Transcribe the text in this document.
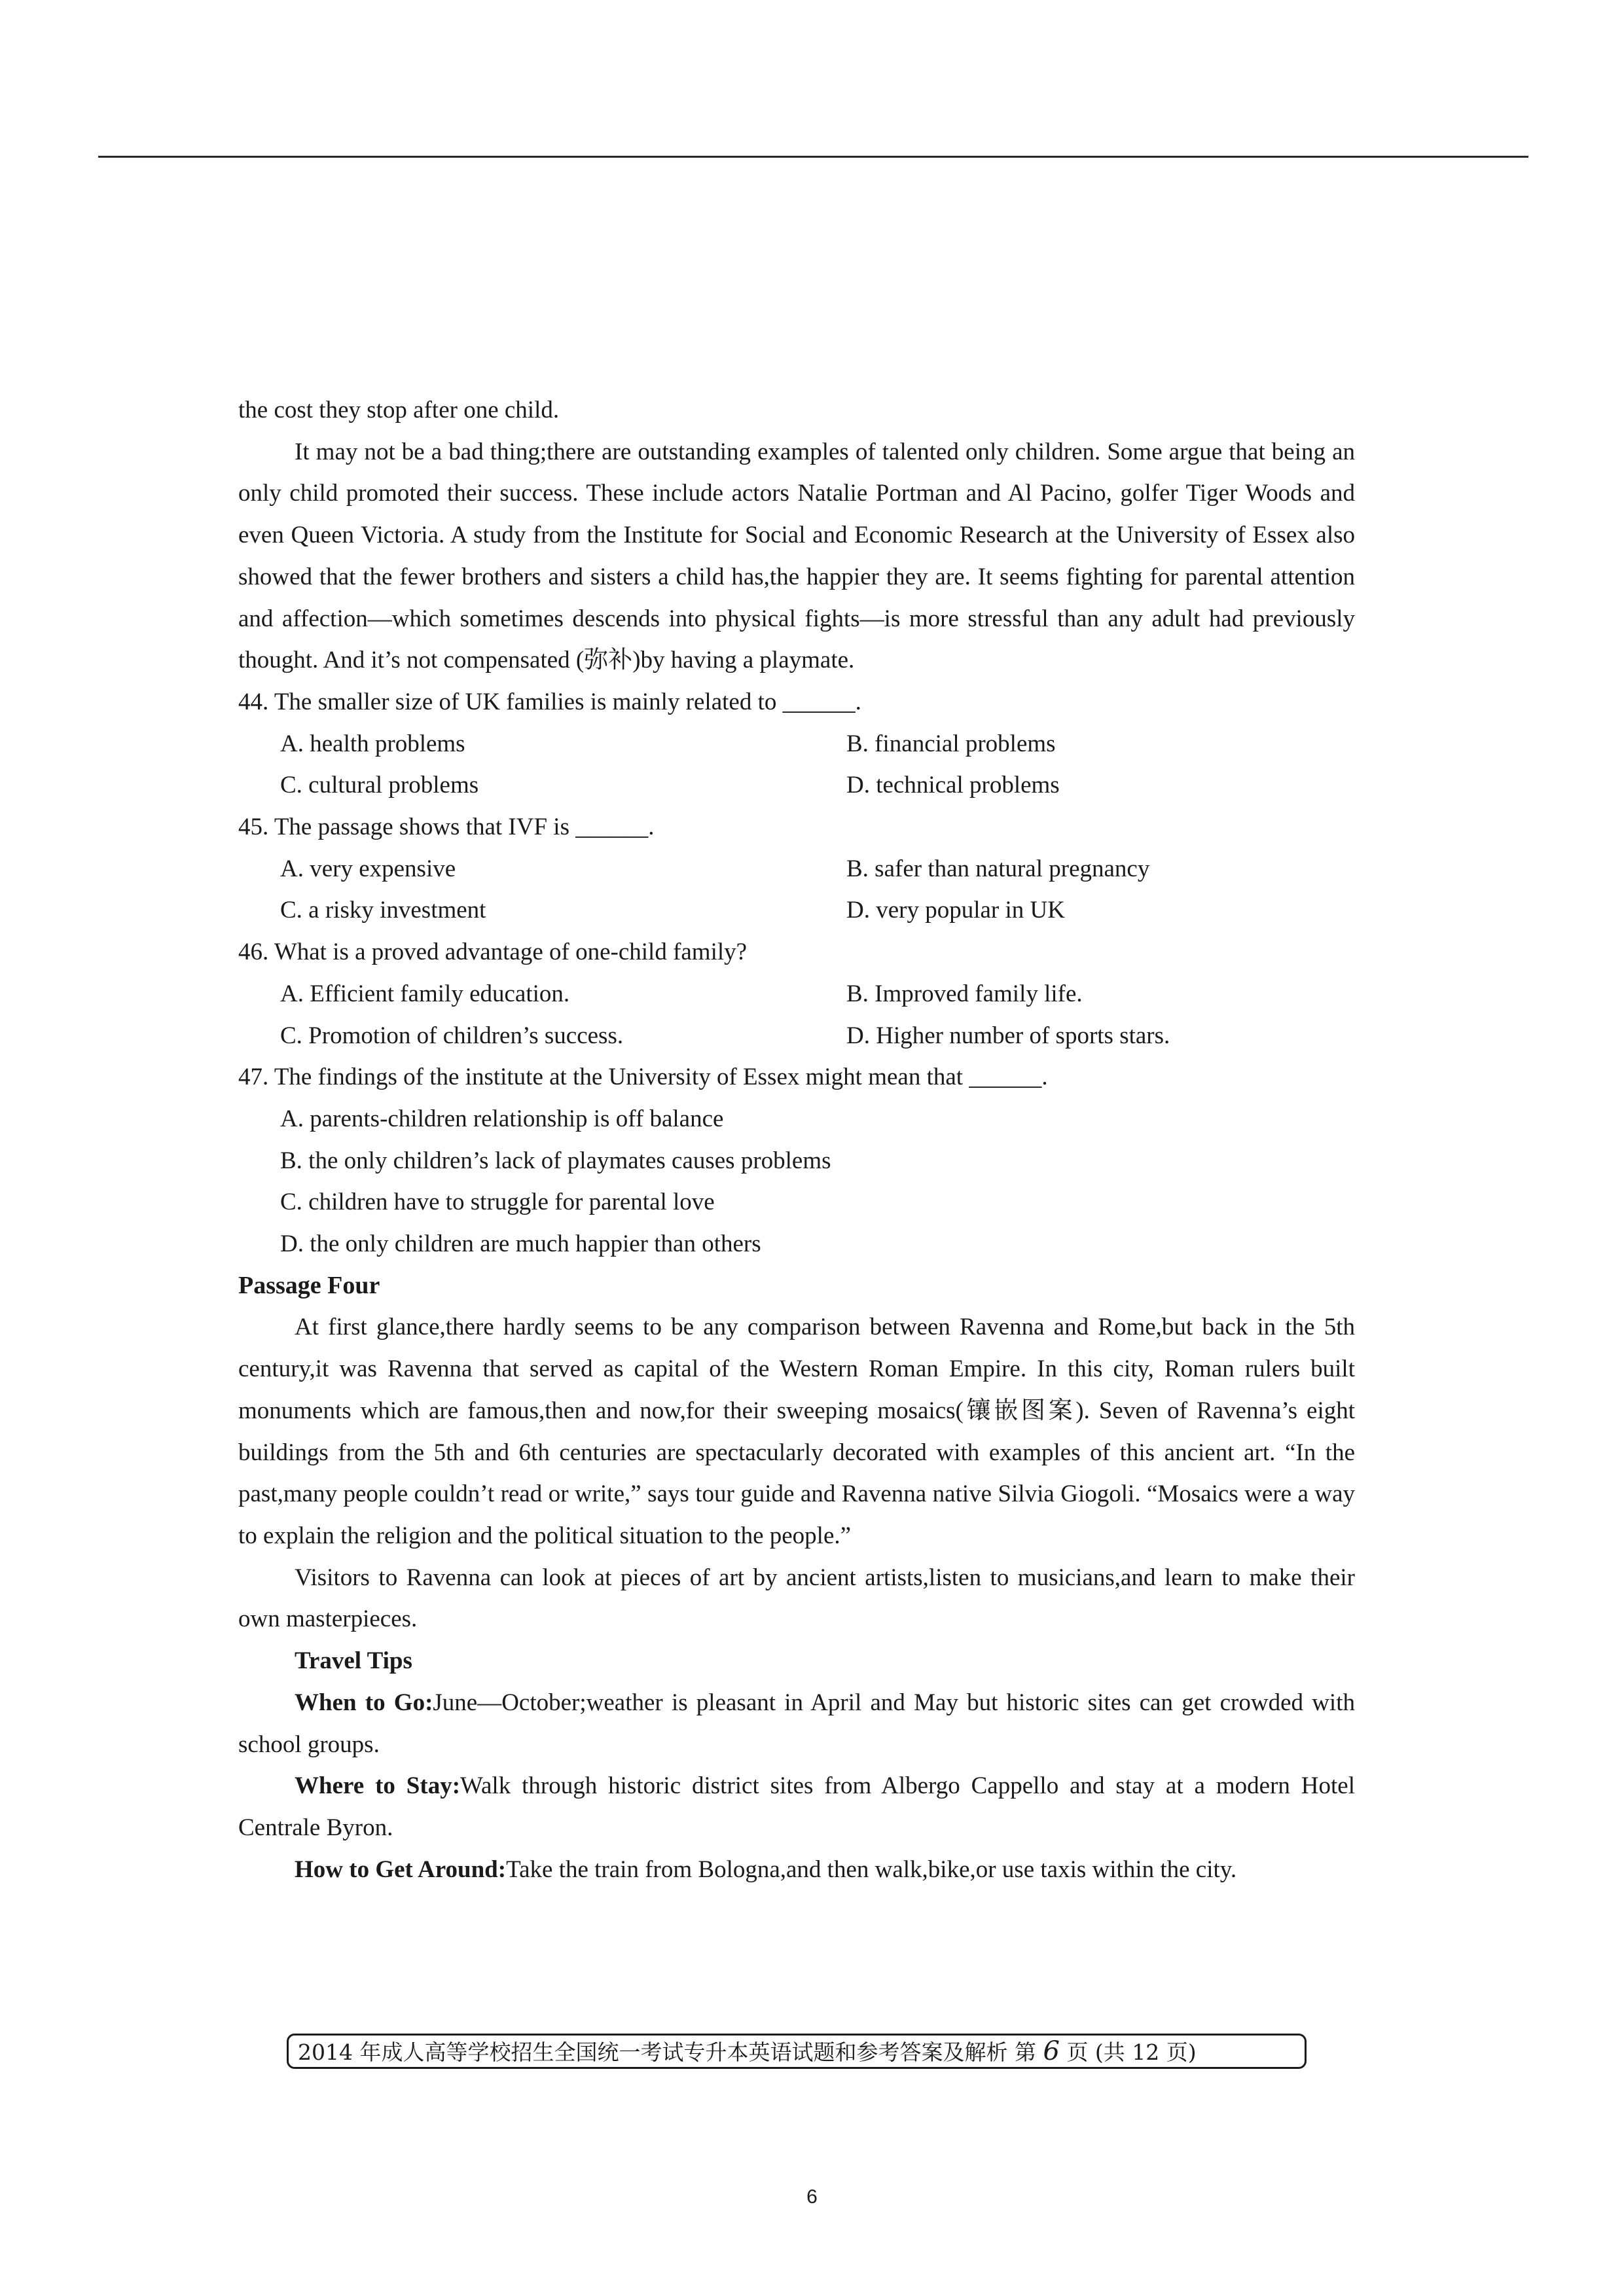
the cost they stop after one child.

It may not be a bad thing;there are outstanding examples of talented only children. Some argue that being an only child promoted their success. These include actors Natalie Portman and Al Pacino, golfer Tiger Woods and even Queen Victoria. A study from the Institute for Social and Economic Research at the University of Essex also showed that the fewer brothers and sisters a child has,the happier they are. It seems fighting for parental attention and affection—which sometimes descends into physical fights—is more stressful than any adult had previously thought. And it’s not compensated (弥补)by having a playmate.

44. The smaller size of UK families is mainly related to ______.

A. health problems	B. financial problems
C. cultural problems	D. technical problems

45. The passage shows that IVF is ______.

A. very expensive	B. safer than natural pregnancy
C. a risky investment	D. very popular in UK

46. What is a proved advantage of one-child family?

A. Efficient family education.	B. Improved family life.
C. Promotion of children’s success.	D. Higher number of sports stars.

47. The findings of the institute at the University of Essex might mean that ______.

A. parents-children relationship is off balance

B. the only children’s lack of playmates causes problems

C. children have to struggle for parental love

D. the only children are much happier than others

Passage Four

At first glance,there hardly seems to be any comparison between Ravenna and Rome,but back in the 5th century,it was Ravenna that served as capital of the Western Roman Empire. In this city, Roman rulers built monuments which are famous,then and now,for their sweeping mosaics(镶嵌图案). Seven of Ravenna’s eight buildings from the 5th and 6th centuries are spectacularly decorated with examples of this ancient art. “In the past,many people couldn’t read or write,” says tour guide and Ravenna native Silvia Giogoli. “Mosaics were a way to explain the religion and the political situation to the people.”

Visitors to Ravenna can look at pieces of art by ancient artists,listen to musicians,and learn to make their own masterpieces.

Travel Tips

When to Go:June—October;weather is pleasant in April and May but historic sites can get crowded with school groups.

Where to Stay:Walk through historic district sites from Albergo Cappello and stay at a modern Hotel Centrale Byron.

How to Get Around:Take the train from Bologna,and then walk,bike,or use taxis within the city.

2014 年成人高等学校招生全国统一考试专升本英语试题和参考答案及解析 第 6 页 (共 12 页)
6
